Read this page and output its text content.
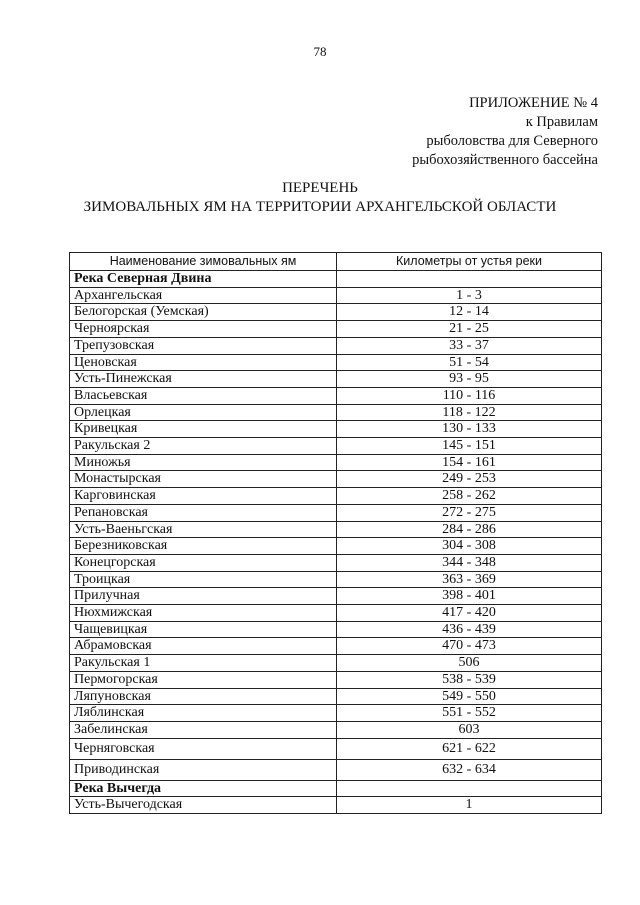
78
ПРИЛОЖЕНИЕ № 4
к Правилам
рыболовства для Северного
рыбохозяйственного бассейна
ПЕРЕЧЕНЬ
ЗИМОВАЛЬНЫХ ЯМ НА ТЕРРИТОРИИ АРХАНГЕЛЬСКОЙ ОБЛАСТИ
Наименование зимовальных ям	Километры от устья реки
Река Северная Двина	
Архангельская	1 - 3
Белогорская (Уемская)	12 - 14
Черноярская	21 - 25
Трепузовская	33 - 37
Ценовская	51 - 54
Усть-Пинежская	93 - 95
Власьевская	110 - 116
Орлецкая	118 - 122
Кривецкая	130 - 133
Ракульская 2	145 - 151
Миножья	154 - 161
Монастырская	249 - 253
Карговинская	258 - 262
Репановская	272 - 275
Усть-Ваеньгская	284 - 286
Березниковская	304 - 308
Конецгорская	344 - 348
Троицкая	363 - 369
Прилучная	398 - 401
Нюхмижская	417 - 420
Чащевицкая	436 - 439
Абрамовская	470 - 473
Ракульская 1	506
Пермогорская	538 - 539
Ляпуновская	549 - 550
Ляблинская	551 - 552
Забелинская	603
Черняговская	621 - 622
Приводинская	632 - 634
Река Вычегда	
Усть-Вычегодская	1
